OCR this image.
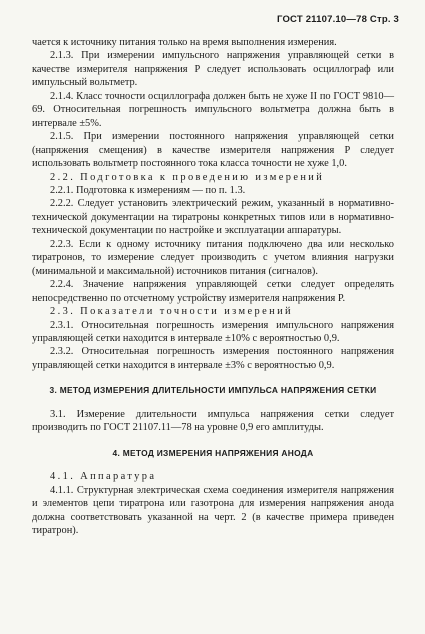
ГОСТ 21107.10—78 Стр. 3

чается к источнику питания только на время выполнения измерения.

2.1.3. При измерении импульсного напряжения управляющей сетки в качестве измерителя напряжения P следует использовать осциллограф или импульсный вольтметр.

2.1.4. Класс точности осциллографа должен быть не хуже II по ГОСТ 9810—69. Относительная погрешность импульсного вольтметра должна быть в интервале ±5%.

2.1.5. При измерении постоянного напряжения управляющей сетки (напряжения смещения) в качестве измерителя напряжения P следует использовать вольтметр постоянного тока класса точности не хуже 1,0.

2.2. Подготовка к проведению измерений

2.2.1. Подготовка к измерениям — по п. 1.3.

2.2.2. Следует установить электрический режим, указанный в нормативно-технической документации на тиратроны конкретных типов или в нормативно-технической документации по настройке и эксплуатации аппаратуры.

2.2.3. Если к одному источнику питания подключено два или несколько тиратронов, то измерение следует производить с учетом влияния нагрузки (минимальной и максимальной) источников питания (сигналов).

2.2.4. Значение напряжения управляющей сетки следует определять непосредственно по отсчетному устройству измерителя напряжения P.

2.3. Показатели точности измерений

2.3.1. Относительная погрешность измерения импульсного напряжения управляющей сетки находится в интервале ±10% с вероятностью 0,9.

2.3.2. Относительная погрешность измерения постоянного напряжения управляющей сетки находится в интервале ±3% с вероятностью 0,9.

3. МЕТОД ИЗМЕРЕНИЯ ДЛИТЕЛЬНОСТИ ИМПУЛЬСА НАПРЯЖЕНИЯ СЕТКИ

3.1. Измерение длительности импульса напряжения сетки следует производить по ГОСТ 21107.11—78 на уровне 0,9 его амплитуды.

4. МЕТОД ИЗМЕРЕНИЯ НАПРЯЖЕНИЯ АНОДА

4.1. Аппаратура

4.1.1. Структурная электрическая схема соединения измерителя напряжения и элементов цепи тиратрона или газотрона для измерения напряжения анода должна соответствовать указанной на черт. 2 (в качестве примера приведен тиратрон).
